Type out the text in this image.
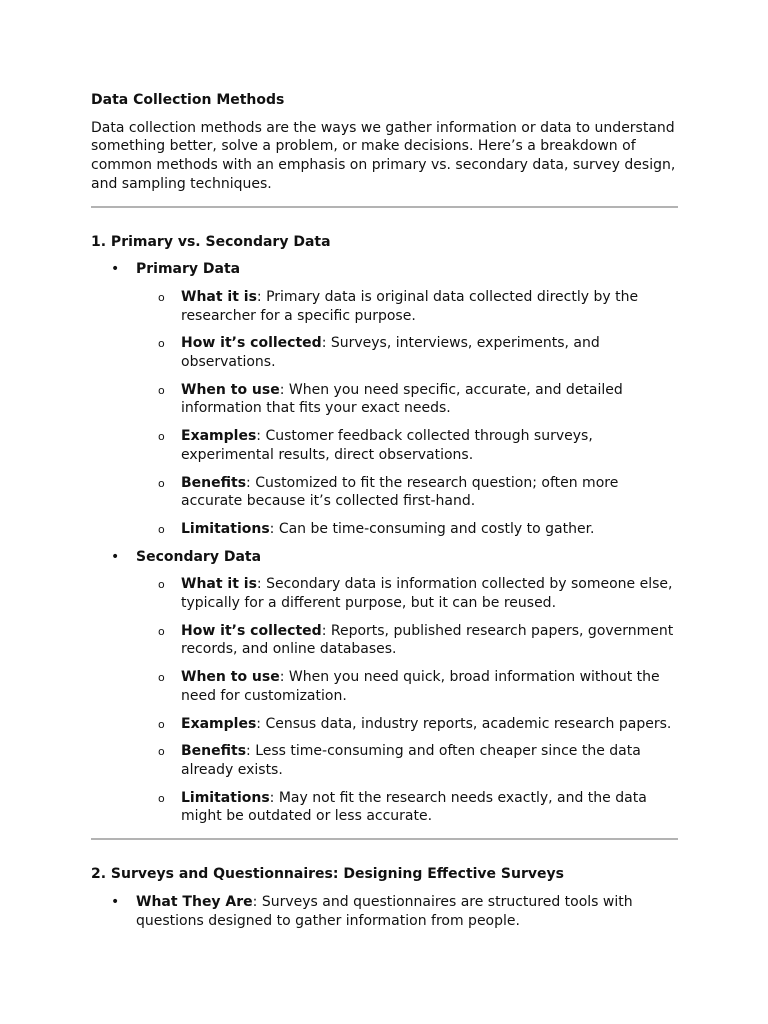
Data Collection Methods

Data collection methods are the ways we gather information or data to understand something better, solve a problem, or make decisions. Here’s a breakdown of common methods with an emphasis on primary vs. secondary data, survey design, and sampling techniques.

1. Primary vs. Secondary Data

• Primary Data
o What it is: Primary data is original data collected directly by the researcher for a specific purpose.
o How it’s collected: Surveys, interviews, experiments, and observations.
o When to use: When you need specific, accurate, and detailed information that fits your exact needs.
o Examples: Customer feedback collected through surveys, experimental results, direct observations.
o Benefits: Customized to fit the research question; often more accurate because it’s collected first-hand.
o Limitations: Can be time-consuming and costly to gather.
• Secondary Data
o What it is: Secondary data is information collected by someone else, typically for a different purpose, but it can be reused.
o How it’s collected: Reports, published research papers, government records, and online databases.
o When to use: When you need quick, broad information without the need for customization.
o Examples: Census data, industry reports, academic research papers.
o Benefits: Less time-consuming and often cheaper since the data already exists.
o Limitations: May not fit the research needs exactly, and the data might be outdated or less accurate.

2. Surveys and Questionnaires: Designing Effective Surveys

• What They Are: Surveys and questionnaires are structured tools with questions designed to gather information from people.
